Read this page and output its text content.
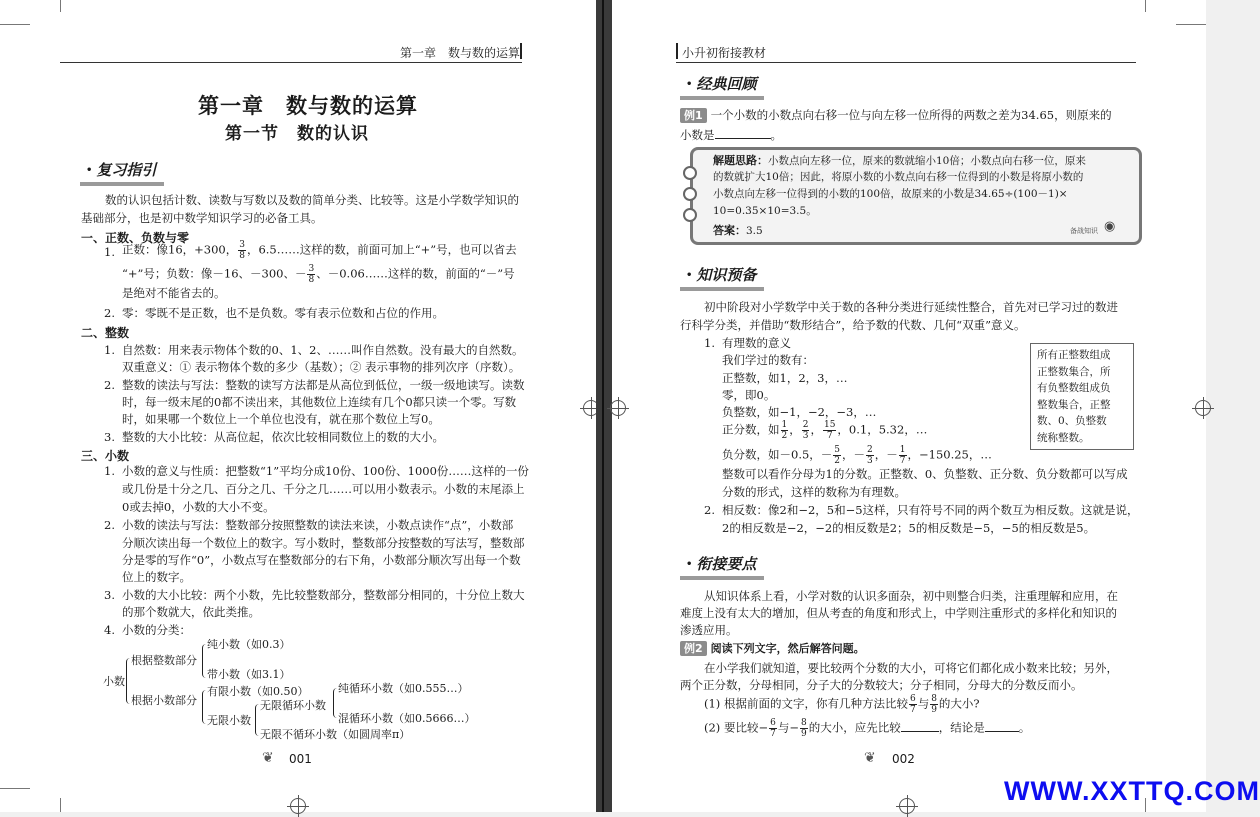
第一章　数与数的运算
第一章　数与数的运算
第一节　数的认识
• 复习指引
数的认识包括计数、读数与写数以及数的简单分类、比较等。这是小学数学知识的
基础部分，也是初中数学知识学习的必备工具。
一、正数、负数与零
1. 正数：像16，+300， $\frac{3}{8}$ ，6.5……这样的数，前面可加上“+”号，也可以省去
“+”号；负数：像－16、－300、－ $\frac{3}{8}$ 、－0.06……这样的数，前面的“－”号
是绝对不能省去的。
2. 零：零既不是正数，也不是负数。零有表示位数和占位的作用。
二、整数
1. 自然数：用来表示物体个数的0、1、2、……叫作自然数。没有最大的自然数。
双重意义：① 表示物体个数的多少（基数）；② 表示事物的排列次序（序数）。
2. 整数的读法与写法：整数的读写方法都是从高位到低位，一级一级地读写。读数
时，每一级末尾的0都不读出来，其他数位上连续有几个0都只读一个零。写数
时，如果哪一个数位上一个单位也没有，就在那个数位上写0。
3. 整数的大小比较：从高位起，依次比较相同数位上的数的大小。
三、小数
1. 小数的意义与性质：把整数“1”平均分成10份、100份、1000份……这样的一份
或几份是十分之几、百分之几、千分之几……可以用小数表示。小数的末尾添上
0或去掉0，小数的大小不变。
2. 小数的读法与写法：整数部分按照整数的读法来读，小数点读作“点”，小数部
分顺次读出每一个数位上的数字。写小数时，整数部分按整数的写法写，整数部
分是零的写作“0”，小数点写在整数部分的右下角，小数部分顺次写出每一个数
位上的数字。
3. 小数的大小比较：两个小数，先比较整数部分，整数部分相同的，十分位上数大
的那个数就大，依此类推。
4. 小数的分类：
小数
根据整数部分
根据小数部分
纯小数（如0.3）
带小数（如3.1）
有限小数（如0.50）
无限小数
无限循环小数
无限不循环小数（如圆周率π）
纯循环小数（如0.555…）
混循环小数（如0.5666…）
❦ 001
小升初衔接教材
• 经典回顾
例1 一个小数的小数点向右移一位与向左移一位所得的两数之差为34.65，则原来的
小数是	。
解题思路：小数点向左移一位，原来的数就缩小10倍；小数点向右移一位，原来
的数就扩大10倍；因此，将原小数的小数点向右移一位得到的小数是将原小数的
小数点向左移一位得到的小数的100倍，故原来的小数是34.65÷(100－1)×
10=0.35×10=3.5。
答案：3.5	备战知识 ◉
• 知识预备
初中阶段对小学数学中关于数的各种分类进行延续性整合，首先对已学习过的数进
行科学分类，并借助“数形结合”，给予数的代数、几何“双重”意义。
1. 有理数的意义
我们学过的数有：
正整数，如1，2，3，…
零，即0。
负整数，如−1，−2，−3，…
正分数，如 $\frac{1}{2}$ ， $\frac{2}{3}$ ， $\frac{15}{7}$ ，0.1，5.32，…
负分数，如－0.5，－ $\frac{5}{2}$ ，－ $\frac{2}{3}$ ，－ $\frac{1}{7}$ ，−150.25，…
整数可以看作分母为1的分数。正整数、0、负整数、正分数、负分数都可以写成
分数的形式，这样的数称为有理数。
所有正整数组成
正整数集合，所
有负整数组成负
整数集合，正整
数、0、负整数
统称整数。
2. 相反数：像2和−2，5和−5这样，只有符号不同的两个数互为相反数。这就是说，
2的相反数是−2，−2的相反数是2；5的相反数是−5，−5的相反数是5。
• 衔接要点
从知识体系上看，小学对数的认识多面杂，初中则整合归类，注重理解和应用，在
难度上没有太大的增加，但从考查的角度和形式上，中学则注重形式的多样化和知识的
渗透应用。
例2 阅读下列文字，然后解答问题。
在小学我们就知道，要比较两个分数的大小，可将它们都化成小数来比较；另外，
两个正分数，分母相同，分子大的分数较大；分子相同，分母大的分数反而小。
(1) 根据前面的文字，你有几种方法比较 $\frac{6}{7}$ 与 $\frac{8}{9}$ 的大小?
(2) 要比较− $\frac{6}{7}$ 与− $\frac{8}{9}$ 的大小，应先比较	，结论是	。
❦ 002
WWW.XXTTQ.COM
